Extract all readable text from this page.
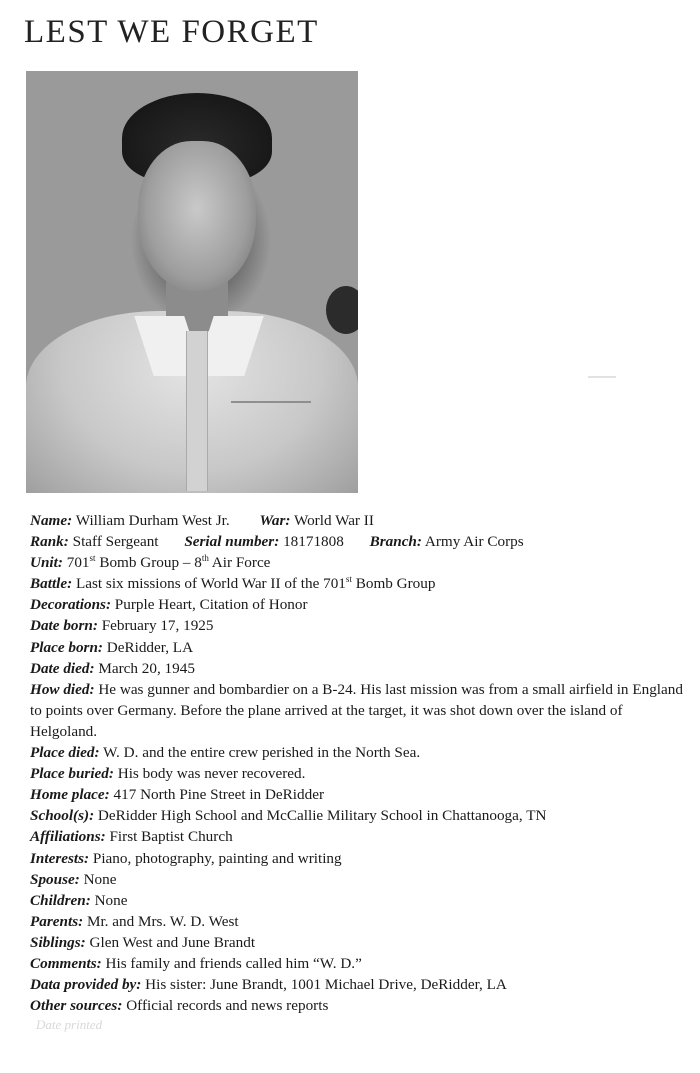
LEST WE FORGET
Name: William Durham West Jr. War: World War II
Rank: Staff Sergeant Serial number: 18171808 Branch: Army Air Corps
Unit: 701st Bomb Group – 8th Air Force
Battle: Last six missions of World War II of the 701st Bomb Group
Decorations: Purple Heart, Citation of Honor
Date born: February 17, 1925
Place born: DeRidder, LA
Date died: March 20, 1945
How died: He was gunner and bombardier on a B-24. His last mission was from a small airfield in England to points over Germany. Before the plane arrived at the target, it was shot down over the island of Helgoland.
Place died: W. D. and the entire crew perished in the North Sea.
Place buried: His body was never recovered.
Home place: 417 North Pine Street in DeRidder
School(s): DeRidder High School and McCallie Military School in Chattanooga, TN
Affiliations: First Baptist Church
Interests: Piano, photography, painting and writing
Spouse: None
Children: None
Parents: Mr. and Mrs. W. D. West
Siblings: Glen West and June Brandt
Comments: His family and friends called him “W. D.”
Data provided by: His sister: June Brandt, 1001 Michael Drive, DeRidder, LA
Other sources: Official records and news reports
Date printed
